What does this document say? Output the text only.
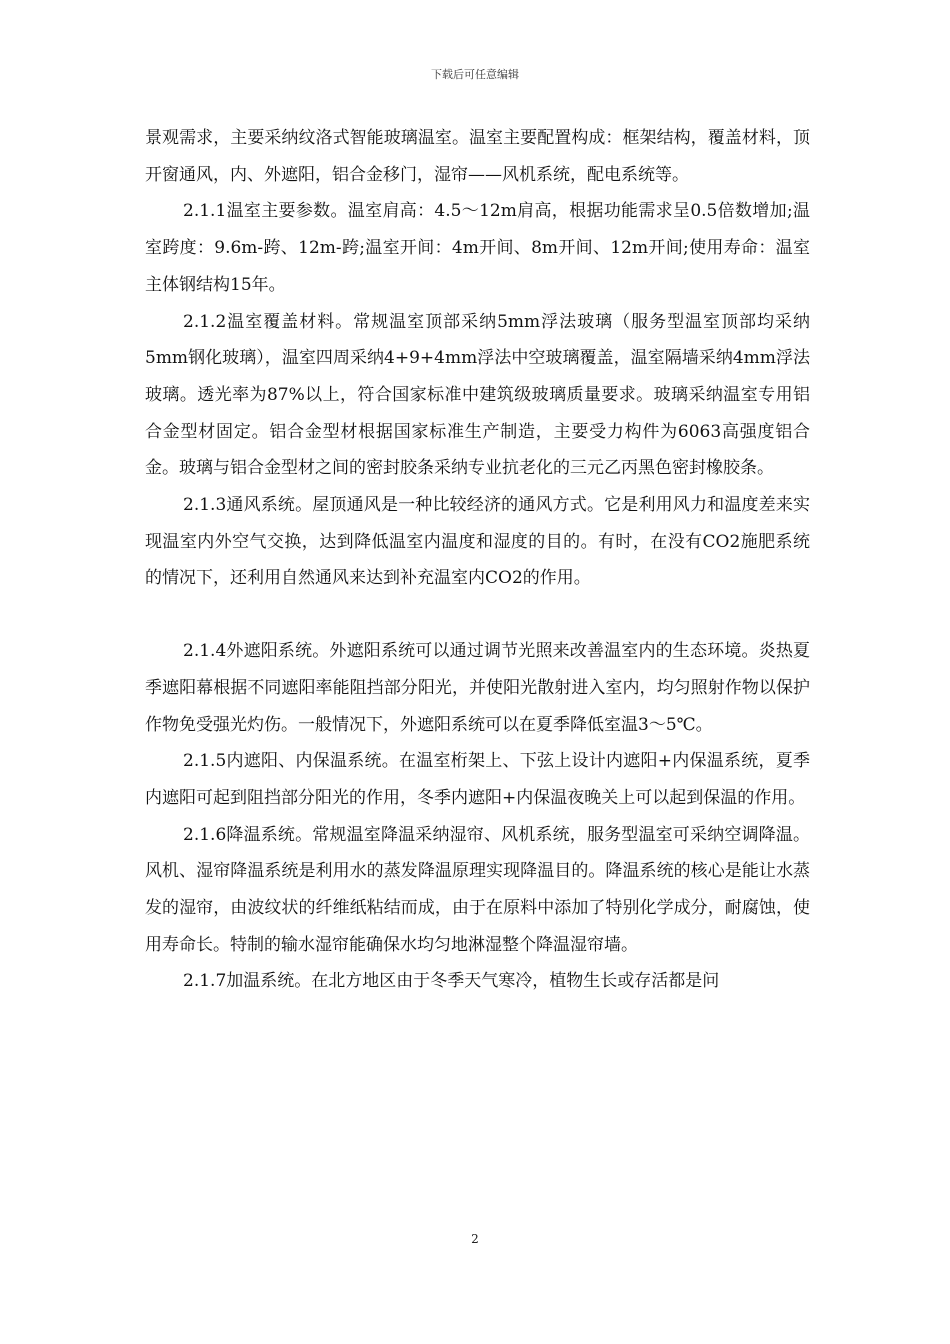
下载后可任意编辑

景观需求，主要采纳纹洛式智能玻璃温室。温室主要配置构成：框架结构，覆盖材料，顶开窗通风，内、外遮阳，铝合金移门，湿帘——风机系统，配电系统等。

2.1.1温室主要参数。温室肩高：4.5～12m肩高，根据功能需求呈0.5倍数增加;温室跨度：9.6m-跨、12m-跨;温室开间：4m开间、8m开间、12m开间;使用寿命：温室主体钢结构15年。

2.1.2温室覆盖材料。常规温室顶部采纳5mm浮法玻璃（服务型温室顶部均采纳5mm钢化玻璃），温室四周采纳4+9+4mm浮法中空玻璃覆盖，温室隔墙采纳4mm浮法玻璃。透光率为87%以上，符合国家标准中建筑级玻璃质量要求。玻璃采纳温室专用铝合金型材固定。铝合金型材根据国家标准生产制造，主要受力构件为6063高强度铝合金。玻璃与铝合金型材之间的密封胶条采纳专业抗老化的三元乙丙黑色密封橡胶条。

2.1.3通风系统。屋顶通风是一种比较经济的通风方式。它是利用风力和温度差来实现温室内外空气交换，达到降低温室内温度和湿度的目的。有时，在没有CO2施肥系统的情况下，还利用自然通风来达到补充温室内CO2的作用。

2.1.4外遮阳系统。外遮阳系统可以通过调节光照来改善温室内的生态环境。炎热夏季遮阳幕根据不同遮阳率能阻挡部分阳光，并使阳光散射进入室内，均匀照射作物以保护作物免受强光灼伤。一般情况下，外遮阳系统可以在夏季降低室温3～5℃。

2.1.5内遮阳、内保温系统。在温室桁架上、下弦上设计内遮阳+内保温系统，夏季内遮阳可起到阻挡部分阳光的作用，冬季内遮阳+内保温夜晚关上可以起到保温的作用。

2.1.6降温系统。常规温室降温采纳湿帘、风机系统，服务型温室可采纳空调降温。风机、湿帘降温系统是利用水的蒸发降温原理实现降温目的。降温系统的核心是能让水蒸发的湿帘，由波纹状的纤维纸粘结而成，由于在原料中添加了特别化学成分，耐腐蚀，使用寿命长。特制的输水湿帘能确保水均匀地淋湿整个降温湿帘墙。

2.1.7加温系统。在北方地区由于冬季天气寒冷，植物生长或存活都是问

2
